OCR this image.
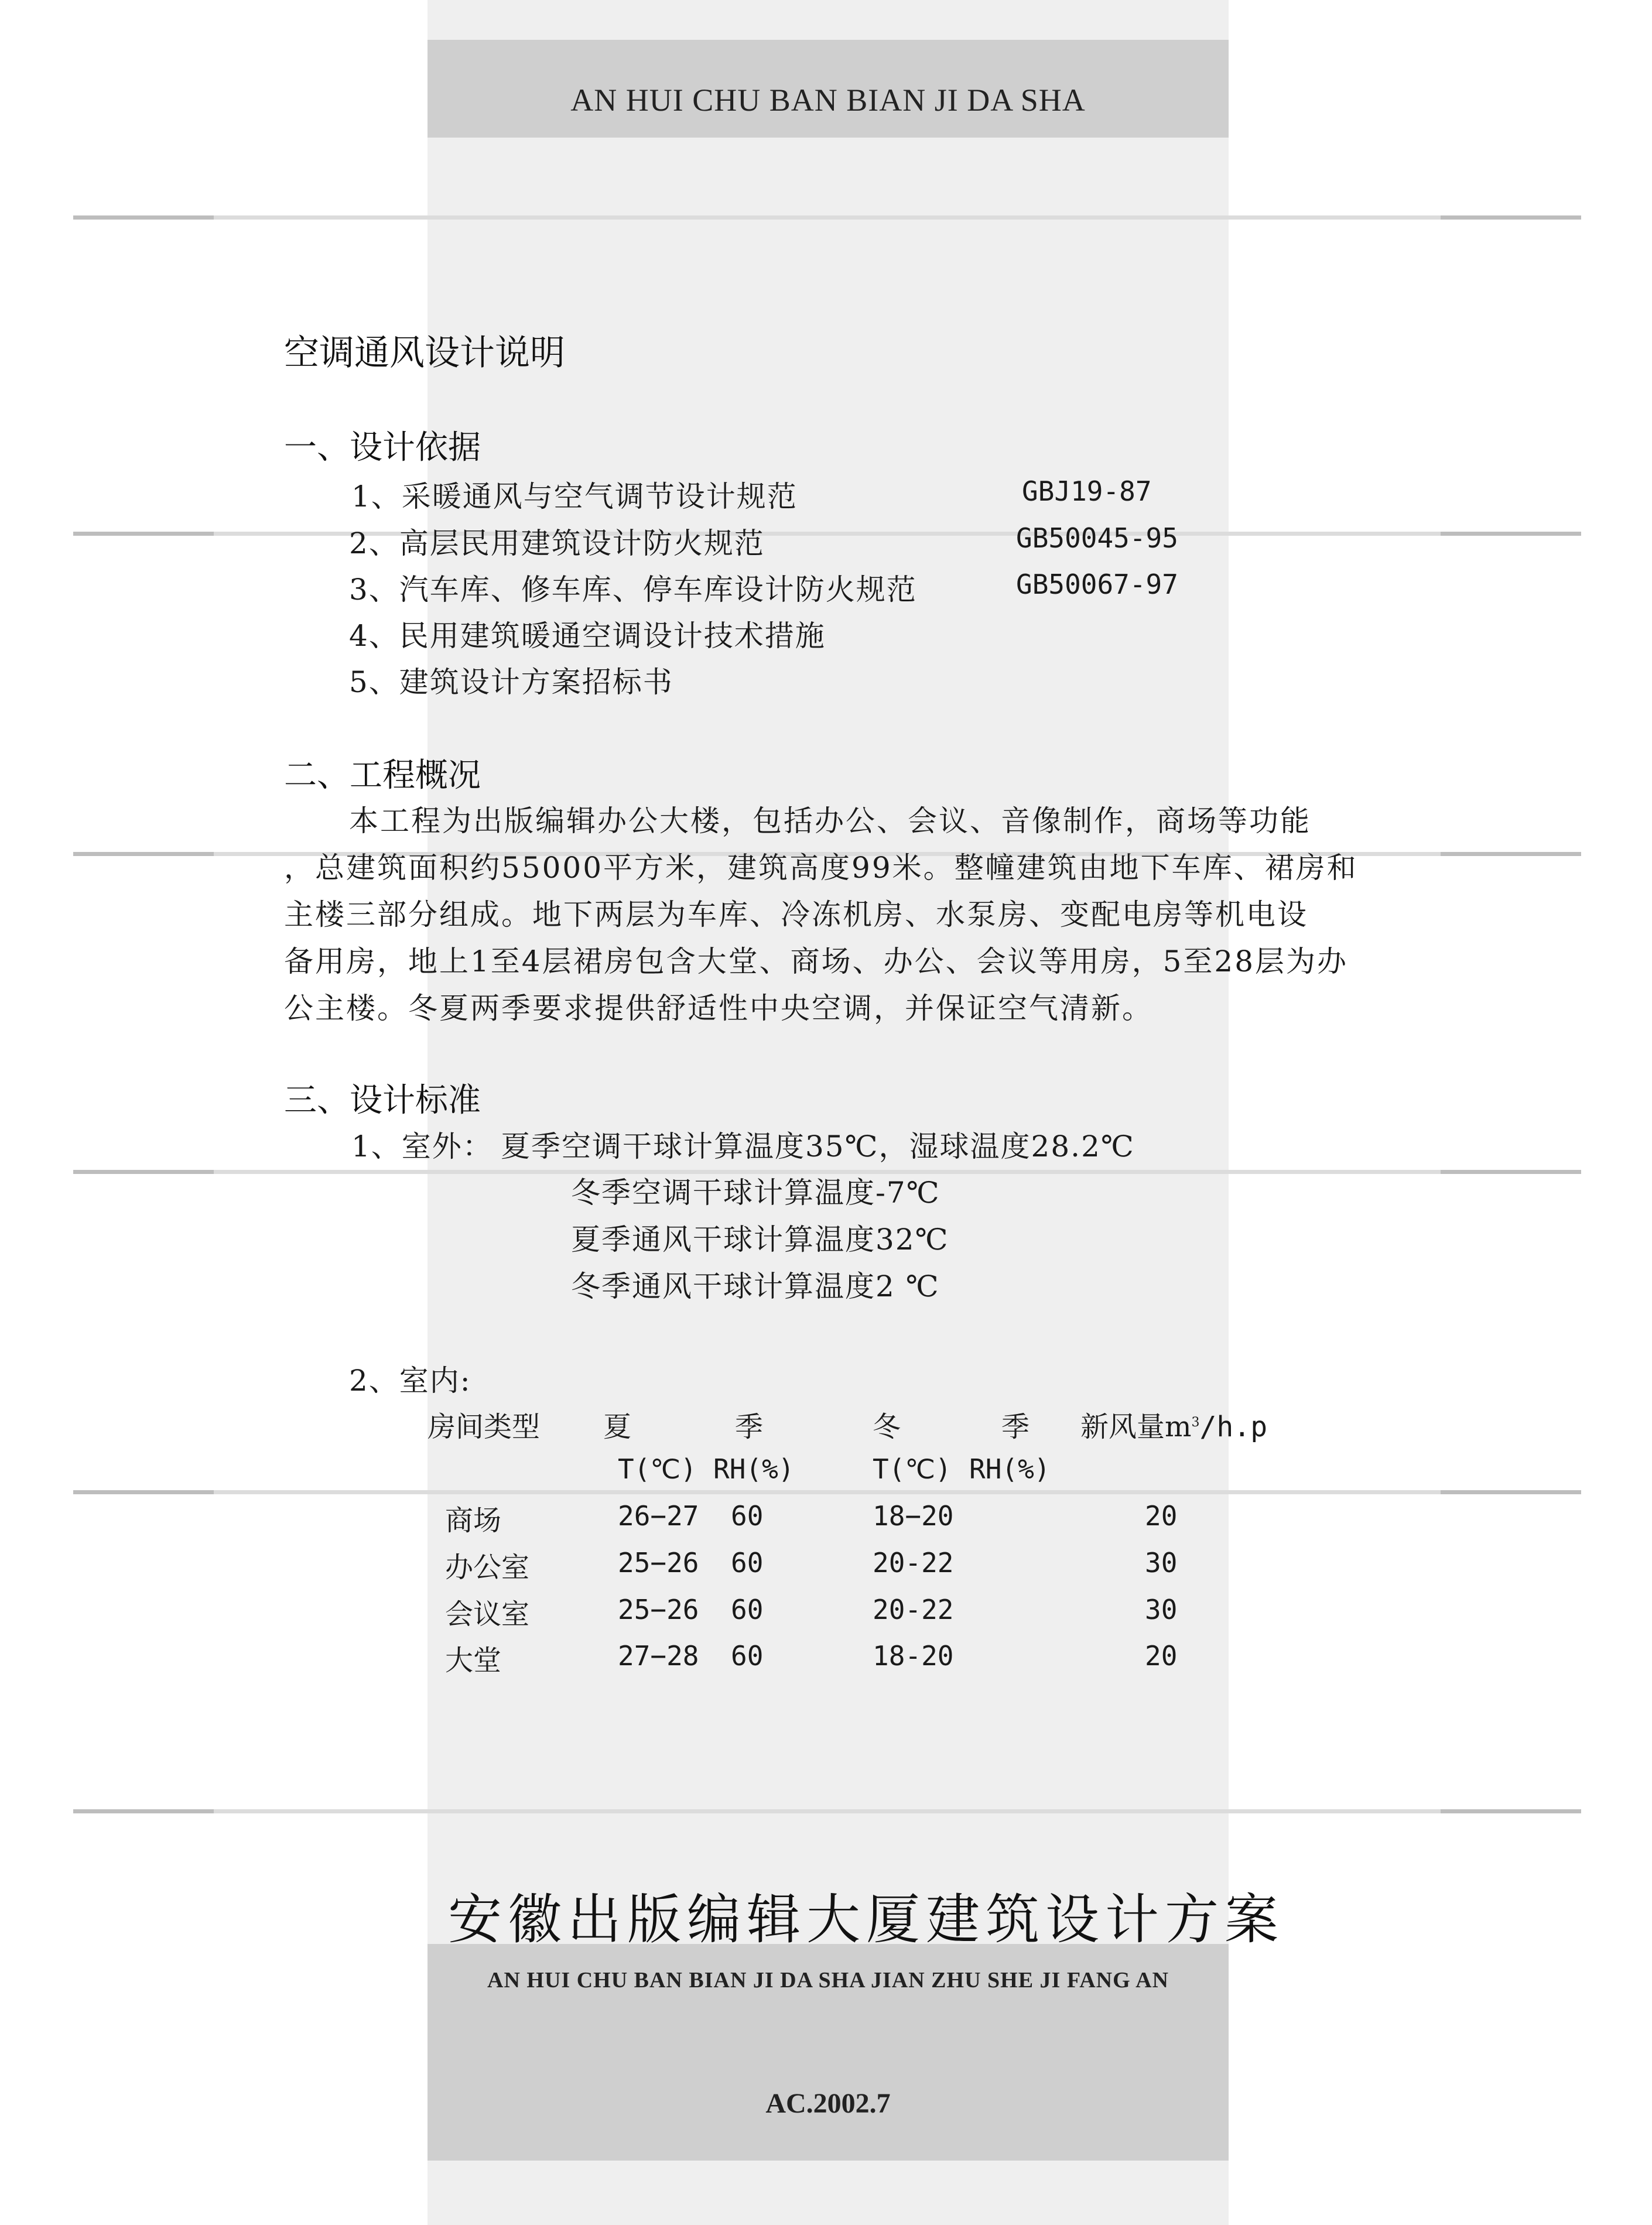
AN HUI CHU BAN BIAN JI DA SHA
空调通风设计说明
一、设计依据
1、采暖通风与空气调节设计规范	GBJ19-87
2、高层民用建筑设计防火规范	GB50045-95
3、汽车库、修车库、停车库设计防火规范	GB50067-97
4、民用建筑暖通空调设计技术措施
5、建筑设计方案招标书
二、工程概况
本工程为出版编辑办公大楼，包括办公、会议、音像制作，商场等功能
，总建筑面积约55000平方米，建筑高度99米。整幢建筑由地下车库、裙房和
主楼三部分组成。地下两层为车库、冷冻机房、水泵房、变配电房等机电设
备用房，地上1至4层裙房包含大堂、商场、办公、会议等用房，5至28层为办
公主楼。冬夏两季要求提供舒适性中央空调，并保证空气清新。
三、设计标准
1、室外： 夏季空调干球计算温度35℃，湿球温度28.2℃
冬季空调干球计算温度-7℃
夏季通风干球计算温度32℃
冬季通风干球计算温度2 ℃
2、室内:
房间类型 夏	季	冬	季 新风量$m^3/h.p$
T(℃) RH(%)	T(℃) RH(%)
商场	26−27 60	18−20	20
办公室	25−26 60	20-22	30
会议室	25−26 60	20-22	30
大堂	27−28 60	18-20	20
安徽出版编辑大厦建筑设计方案
AN HUI CHU BAN BIAN JI DA SHA JIAN ZHU SHE JI FANG AN
AC.2002.7
